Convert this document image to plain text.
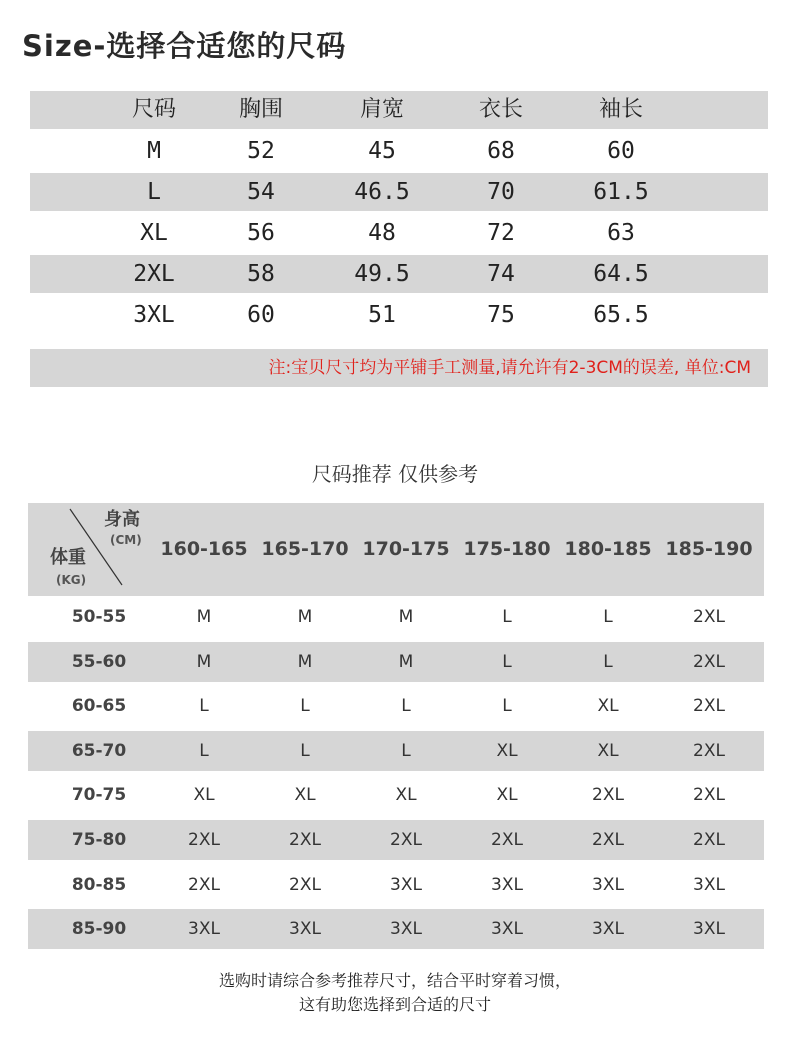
Size-选择合适您的尺码
尺码	胸围	肩宽	衣长	袖长
M	52	45	68	60
L	54	46.5	70	61.5
XL	56	48	72	63
2XL	58	49.5	74	64.5
3XL	60	51	75	65.5
注:宝贝尺寸均为平铺手工测量,请允许有2-3CM的误差, 单位:CM
尺码推荐 仅供参考
身高
(CM)
体重
(KG)
160-165 165-170 170-175 175-180 180-185 185-190
50-55	M	M	M	L	L	2XL
55-60	M	M	M	L	L	2XL
60-65	L	L	L	L	XL	2XL
65-70	L	L	L	XL	XL	2XL
70-75	XL	XL	XL	XL	2XL	2XL
75-80	2XL	2XL	2XL	2XL	2XL	2XL
80-85	2XL	2XL	3XL	3XL	3XL	3XL
85-90	3XL	3XL	3XL	3XL	3XL	3XL
选购时请综合参考推荐尺寸，结合平时穿着习惯，
这有助您选择到合适的尺寸
